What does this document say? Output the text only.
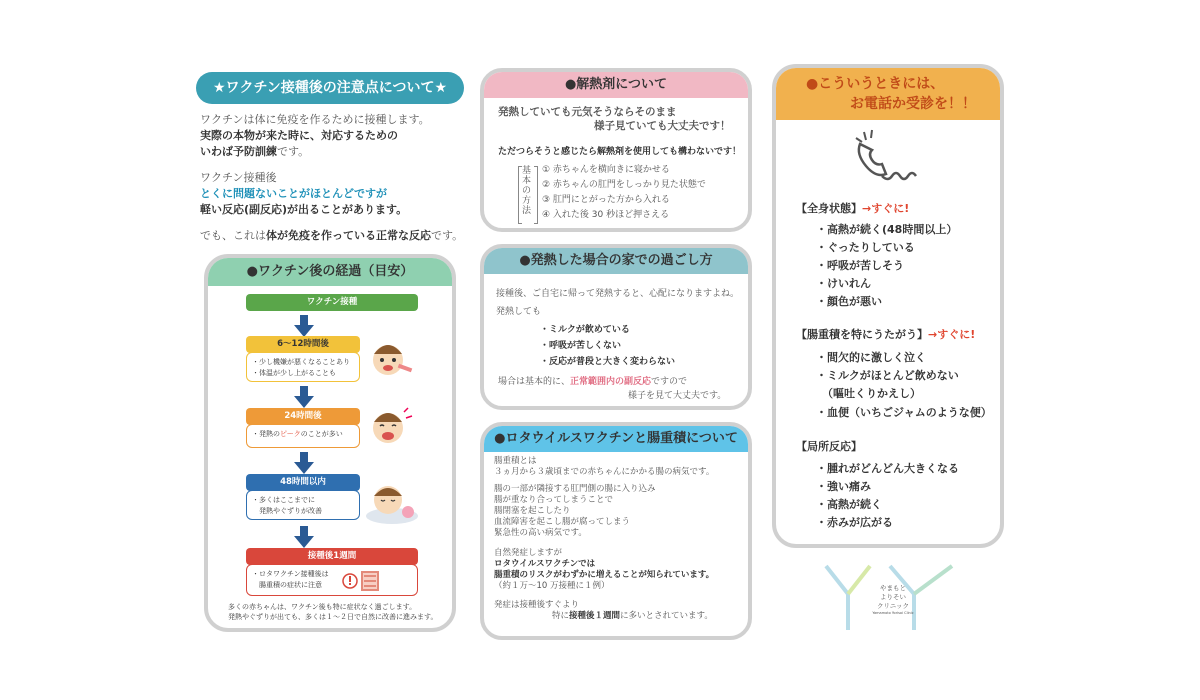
★ワクチン接種後の注意点について★
ワクチンは体に免疫を作るために接種します。
実際の本物が来た時に、対応するための
いわば予防訓練です。
ワクチン接種後
とくに問題ないことがほとんどですが
軽い反応(副反応)が出ることがあります。
でも、これは体が免疫を作っている正常な反応です。
●ワクチン後の経過（目安）
ワクチン接種
6〜12時間後
・少し機嫌が悪くなることあり
・体温が少し上がることも
24時間後
・発熱のピークのことが多い
48時間以内
・多くはここまでに
　発熱やぐずりが改善
接種後1週間
・ロタワクチン接種後は
　腸重積の症状に注意
多くの赤ちゃんは、ワクチン後も特に症状なく過ごします。
発熱やぐずりが出ても、多くは１〜２日で自然に改善に進みます。
●解熱剤について
発熱していても元気そうならそのまま
様子見ていても大丈夫です！
ただつらそうと感じたら解熱剤を使用しても構わないです！
基本の方法
① 赤ちゃんを横向きに寝かせる
② 赤ちゃんの肛門をしっかり見た状態で
③ 肛門にとがった方から入れる
④ 入れた後 30 秒ほど押さえる
●発熱した場合の家での過ごし方
接種後、ご自宅に帰って発熱すると、心配になりますよね。
発熱しても
・ミルクが飲めている
・呼吸が苦しくない
・反応が普段と大きく変わらない
場合は基本的に、正常範囲内の副反応ですので
様子を見て大丈夫です。
●ロタウイルスワクチンと腸重積について
腸重積とは
３ヵ月から３歳頃までの赤ちゃんにかかる腸の病気です。
腸の一部が隣接する肛門側の腸に入り込み
腸が重なり合ってしまうことで
腸閉塞を起こしたり
血流障害を起こし腸が腐ってしまう
緊急性の高い病気です。
自然発症しますが
ロタウイルスワクチンでは
腸重積のリスクがわずかに増えることが知られています。
（約１万〜10 万接種に１例）
発症は接種後すぐより
特に接種後１週間に多いとされています。
●こういうときには、
お電話か受診を！！
【全身状態】→すぐに!
・高熱が続く(48時間以上）
・ぐったりしている
・呼吸が苦しそう
・けいれん
・顔色が悪い
【腸重積を特にうたがう】→すぐに!
・間欠的に激しく泣く
・ミルクがほとんど飲めない
（嘔吐くりかえし）
・血便（いちごジャムのような便）
【局所反応】
・腫れがどんどん大きくなる
・強い痛み
・高熱が続く
・赤みが広がる
やまもと
よりそい
クリニック
Yamamoto Yorisoi Clinic
